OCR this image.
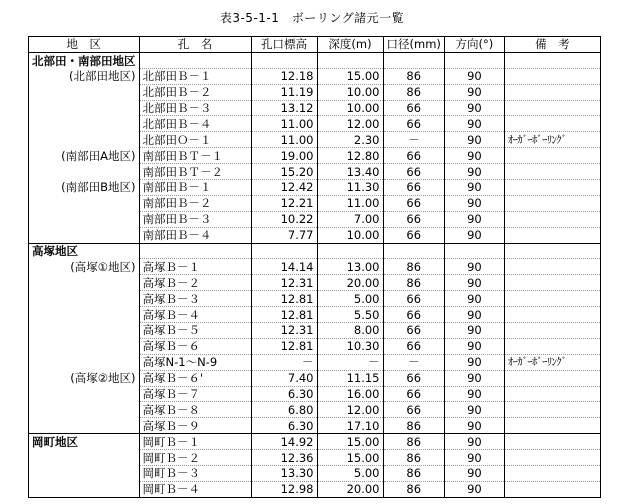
表3-5-1-1　ボーリング諸元一覧
地　区	孔　名	孔口標高	深度(m)	口径(mm)	方向(°)	備　考
北部田・南部田地区						
(北部田地区)	北部田Ｂ－１	12.18	15.00	86	90	
	北部田Ｂ－２	11.19	10.00	86	90	
	北部田Ｂ－３	13.12	10.00	66	90	
	北部田Ｂ－４	11.00	12.00	66	90	
	北部田Ｏ－１	11.00	2.30	－	90	ｵｰｶﾞｰﾎﾞｰﾘﾝｸﾞ
(南部田A地区)	南部田ＢＴ－１	19.00	12.80	66	90	
	南部田ＢＴ－２	15.20	13.40	66	90	
(南部田B地区)	南部田Ｂ－１	12.42	11.30	66	90	
	南部田Ｂ－２	12.21	11.00	66	90	
	南部田Ｂ－３	10.22	7.00	66	90	
	南部田Ｂ－４	7.77	10.00	66	90	
高塚地区						
(高塚①地区)	高塚Ｂ－１	14.14	13.00	86	90	
	高塚Ｂ－２	12.31	20.00	86	90	
	高塚Ｂ－３	12.81	5.00	66	90	
	高塚Ｂ－４	12.81	5.50	66	90	
	高塚Ｂ－５	12.31	8.00	66	90	
	高塚Ｂ－６	12.81	10.30	66	90	
	高塚N-1～N-9	－	－	－	90	ｵｰｶﾞｰﾎﾞｰﾘﾝｸﾞ
(高塚②地区)	高塚Ｂ－６'	7.40	11.15	66	90	
	高塚Ｂ－７	6.30	16.00	66	90	
	高塚Ｂ－８	6.80	12.00	66	90	
	高塚Ｂ－９	6.30	17.10	86	90	
岡町地区	岡町Ｂ－１	14.92	15.00	86	90	
	岡町Ｂ－２	12.36	15.00	86	90	
	岡町Ｂ－３	13.30	5.00	86	90	
	岡町Ｂ－４	12.98	20.00	86	90	
